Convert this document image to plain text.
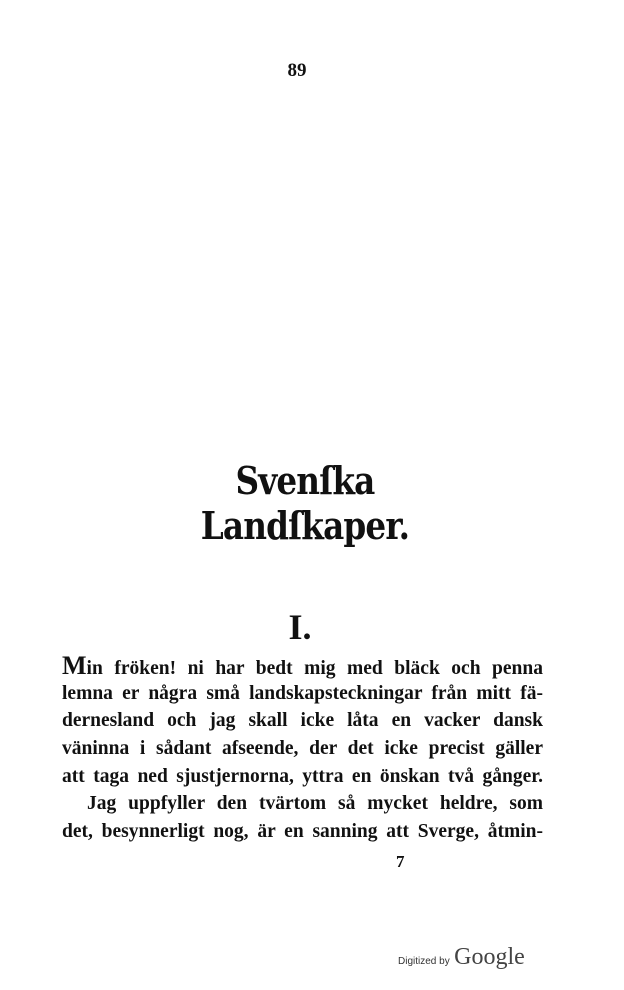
89
Svenſka Landſkaper.
I.
Min fröken! ni har bedt mig med bläck och penna
lemna er några små landskapsteckningar från mitt fä-
dernesland och jag skall icke låta en vacker dansk
väninna i sådant afseende, der det icke precist gäller
att taga ned sjustjernorna, yttra en önskan två gånger.
Jag uppfyller den tvärtom så mycket heldre, som
det, besynnerligt nog, är en sanning att Sverge, åtmin-
7
Digitized by Google
